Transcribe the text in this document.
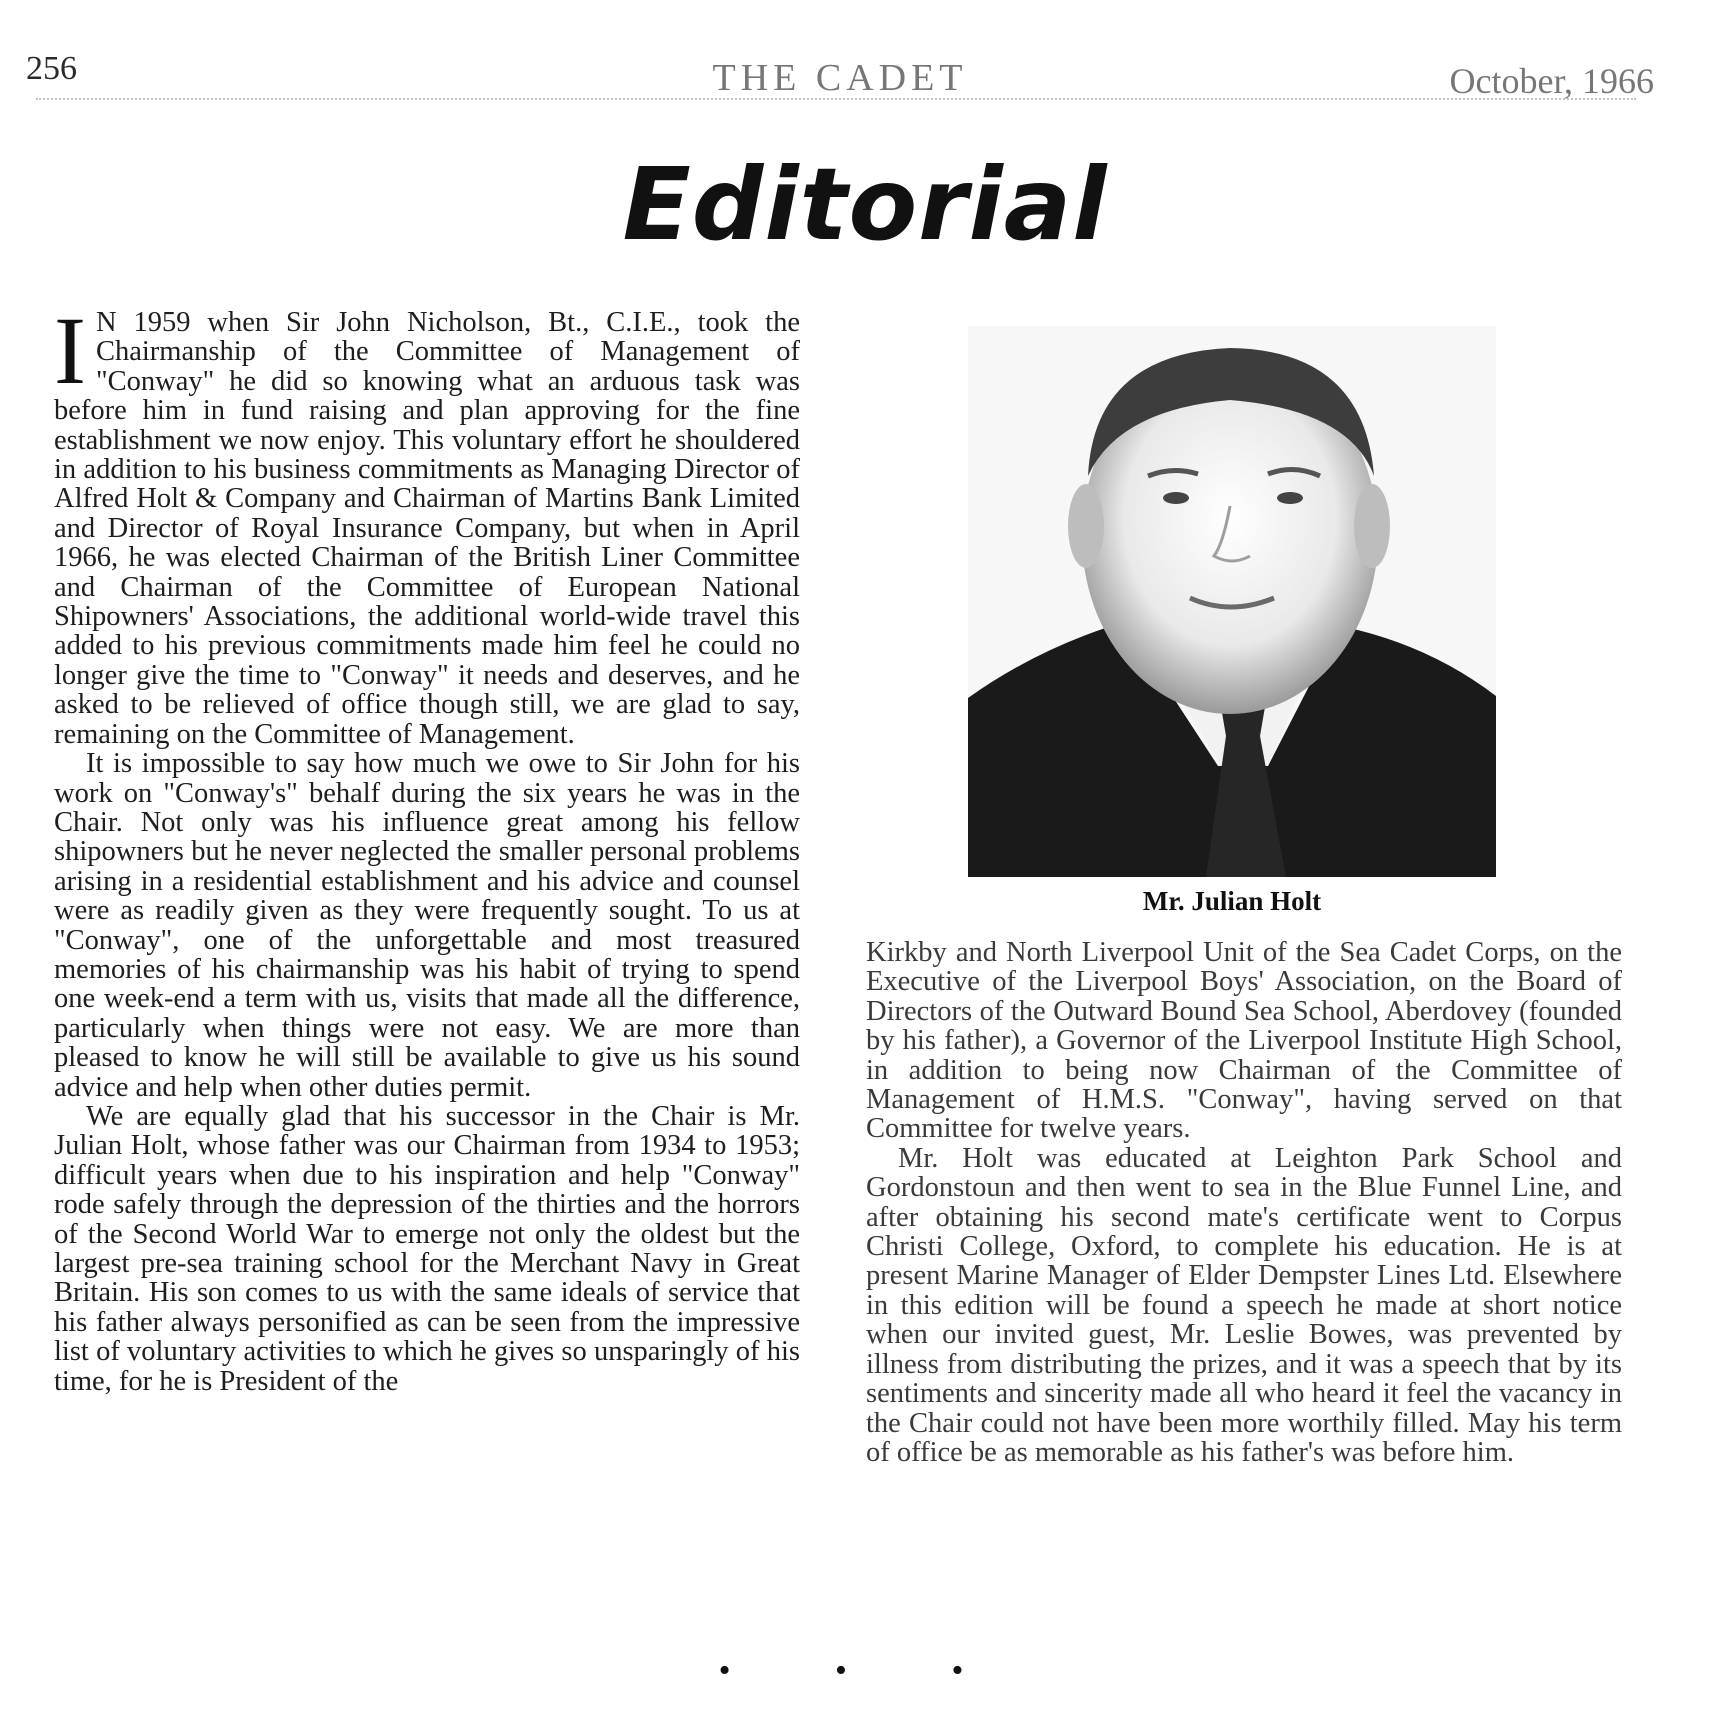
256	THE CADET	October, 1966
Editorial

I N 1959 when Sir John Nicholson, Bt., C.I.E., took the Chairmanship of the Committee of Management of "Conway" he did so knowing what an arduous task was before him in fund raising and plan approving for the fine establishment we now enjoy. This voluntary effort he shouldered in addition to his business commitments as Managing Director of Alfred Holt & Company and Chairman of Martins Bank Limited and Director of Royal Insurance Company, but when in April 1966, he was elected Chairman of the British Liner Committee and Chairman of the Committee of European National Shipowners' Associations, the additional world-wide travel this added to his previous commitments made him feel he could no longer give the time to "Conway" it needs and deserves, and he asked to be relieved of office though still, we are glad to say, remaining on the Committee of Management.

It is impossible to say how much we owe to Sir John for his work on "Conway's" behalf during the six years he was in the Chair. Not only was his influence great among his fellow shipowners but he never neglected the smaller personal problems arising in a residential establishment and his advice and counsel were as readily given as they were frequently sought. To us at "Conway", one of the unforgettable and most treasured memories of his chairmanship was his habit of trying to spend one week-end a term with us, visits that made all the difference, particularly when things were not easy. We are more than pleased to know he will still be available to give us his sound advice and help when other duties permit.

We are equally glad that his successor in the Chair is Mr. Julian Holt, whose father was our Chairman from 1934 to 1953; difficult years when due to his inspiration and help "Conway" rode safely through the depression of the thirties and the horrors of the Second World War to emerge not only the oldest but the largest pre-sea training school for the Merchant Navy in Great Britain. His son comes to us with the same ideals of service that his father always personified as can be seen from the impressive list of voluntary activities to which he gives so unsparingly of his time, for he is President of the

Mr. Julian Holt

Kirkby and North Liverpool Unit of the Sea Cadet Corps, on the Executive of the Liverpool Boys' Association, on the Board of Directors of the Outward Bound Sea School, Aberdovey (founded by his father), a Governor of the Liverpool Institute High School, in addition to being now Chairman of the Committee of Management of H.M.S. "Conway", having served on that Committee for twelve years.

Mr. Holt was educated at Leighton Park School and Gordonstoun and then went to sea in the Blue Funnel Line, and after obtaining his second mate's certificate went to Corpus Christi College, Oxford, to complete his education. He is at present Marine Manager of Elder Dempster Lines Ltd. Elsewhere in this edition will be found a speech he made at short notice when our invited guest, Mr. Leslie Bowes, was prevented by illness from distributing the prizes, and it was a speech that by its sentiments and sincerity made all who heard it feel the vacancy in the Chair could not have been more worthily filled. May his term of office be as memorable as his father's was before him.

• • •
